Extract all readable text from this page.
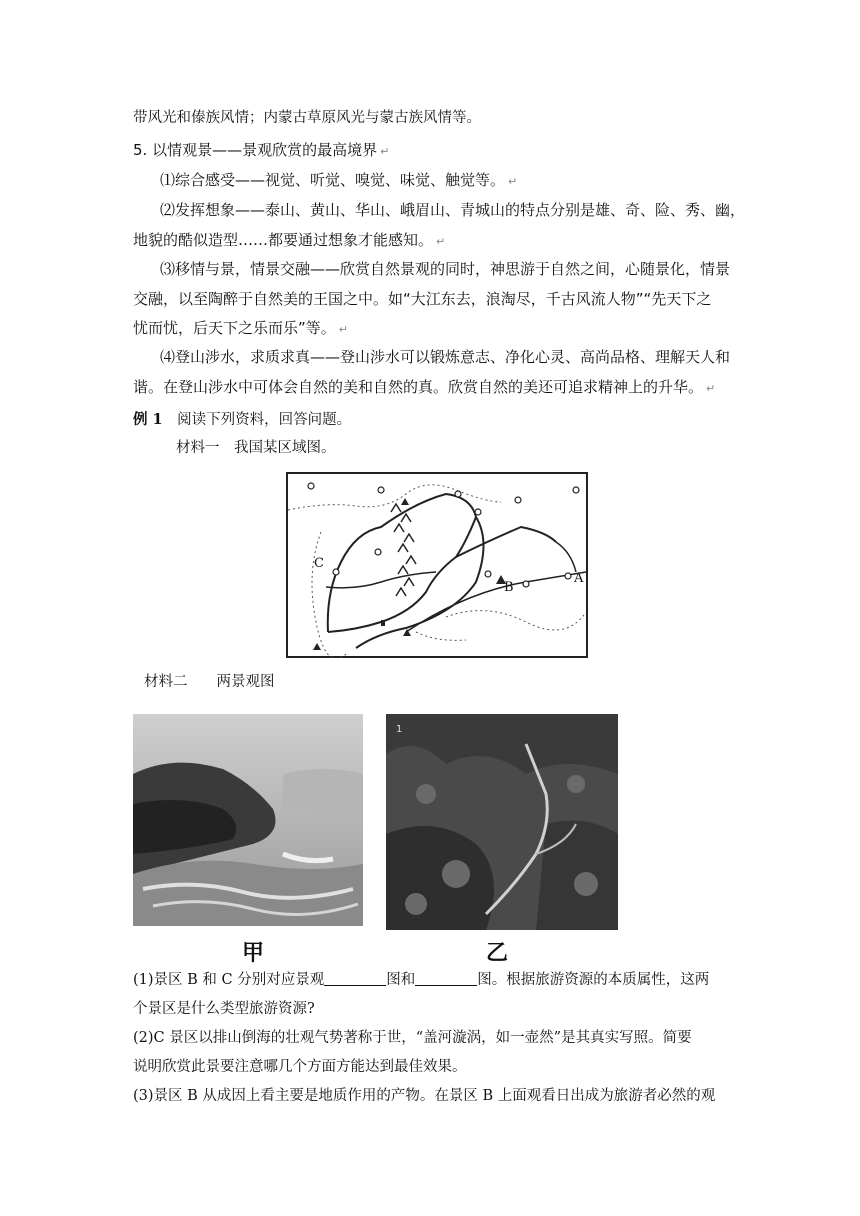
带风光和傣族风情；内蒙古草原风光与蒙古族风情等。
5. 以情观景——景观欣赏的最高境界 ↵
⑴综合感受——视觉、听觉、嗅觉、味觉、触觉等。 ↵
⑵发挥想象——泰山、黄山、华山、峨眉山、青城山的特点分别是雄、奇、险、秀、幽，
地貌的酷似造型……都要通过想象才能感知。 ↵
⑶移情与景，情景交融——欣赏自然景观的同时，神思游于自然之间，心随景化，情景
交融，以至陶醉于自然美的王国之中。如“大江东去，浪淘尽，千古风流人物”“先天下之
忧而忧，后天下之乐而乐”等。 ↵
⑷登山涉水，求质求真——登山涉水可以锻炼意志、净化心灵、高尚品格、理解天人和
谐。在登山涉水中可体会自然的美和自然的真。欣赏自然的美还可追求精神上的升华。 ↵
例 1　 阅读下列资料，回答问题。
材料一　我国某区域图。
C
B
A
材料二　　两景观图
1
甲	乙
(1)景区 B 和 C 分别对应景观	图和	图。根据旅游资源的本质属性，这两
个景区是什么类型旅游资源?
(2)C 景区以排山倒海的壮观气势著称于世，“盖河漩涡，如一壶然”是其真实写照。简要
说明欣赏此景要注意哪几个方面方能达到最佳效果。
(3)景区 B 从成因上看主要是地质作用的产物。在景区 B 上面观看日出成为旅游者必然的观
